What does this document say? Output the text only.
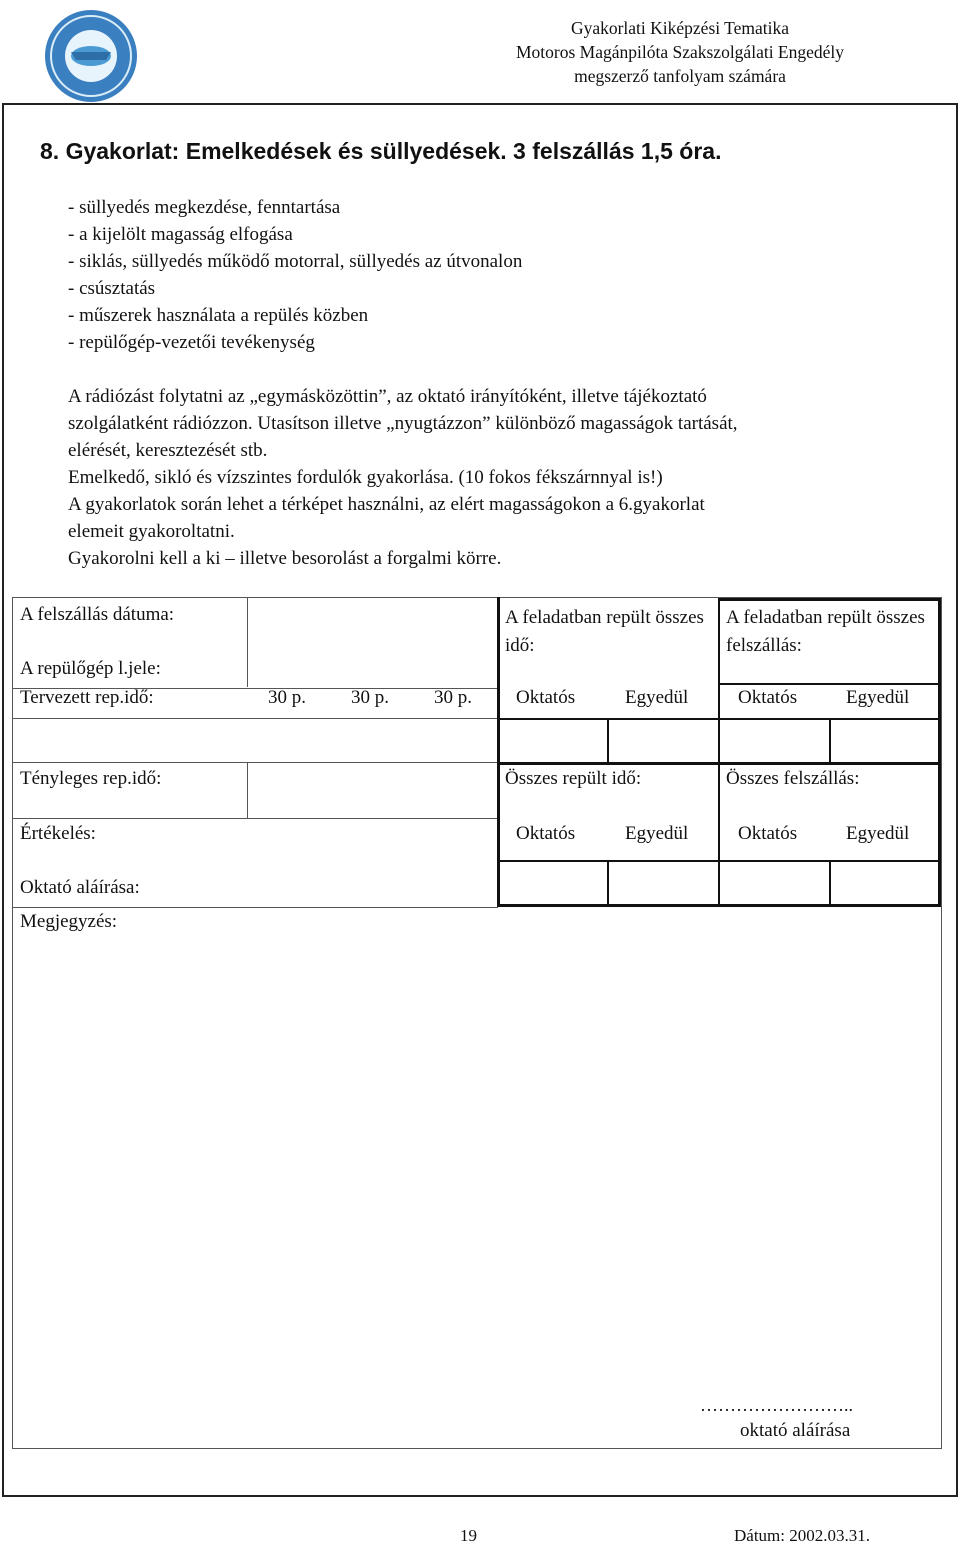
Gyakorlati Kiképzési Tematika
Motoros Magánpilóta Szakszolgálati Engedély
megszerző tanfolyam számára
8. Gyakorlat: Emelkedések és süllyedések. 3 felszállás 1,5 óra.
- süllyedés megkezdése, fenntartása
- a kijelölt magasság elfogása
- siklás, süllyedés működő motorral, süllyedés az útvonalon
- csúsztatás
- műszerek használata a repülés közben
- repülőgép-vezetői tevékenység
A rádiózást folytatni az „egymásközöttin”, az oktató irányítóként, illetve tájékoztató
szolgálatként rádiózzon. Utasítson illetve „nyugtázzon” különböző magasságok tartását,
elérését, keresztezését stb.
Emelkedő, sikló és vízszintes fordulók gyakorlása. (10 fokos fékszárnnyal is!)
A gyakorlatok során lehet a térképet használni, az elért magasságokon a 6.gyakorlat
elemeit gyakoroltatni.
Gyakorolni kell a ki – illetve besorolást a forgalmi körre.
A felszállás dátuma:
A repülőgép l.jele:
Tervezett rep.idő:	30 p. 30 p. 30 p.
Tényleges rep.idő:
Értékelés:
Oktató aláírása:
Megjegyzés:
A feladatban repült összes idő:
A feladatban repült összes felszállás:
Oktatós	Egyedül	Oktatós	Egyedül
Összes repült idő:	Összes felszállás:
Oktatós	Egyedül	Oktatós	Egyedül
……………………..
oktató aláírása
19	Dátum: 2002.03.31.
